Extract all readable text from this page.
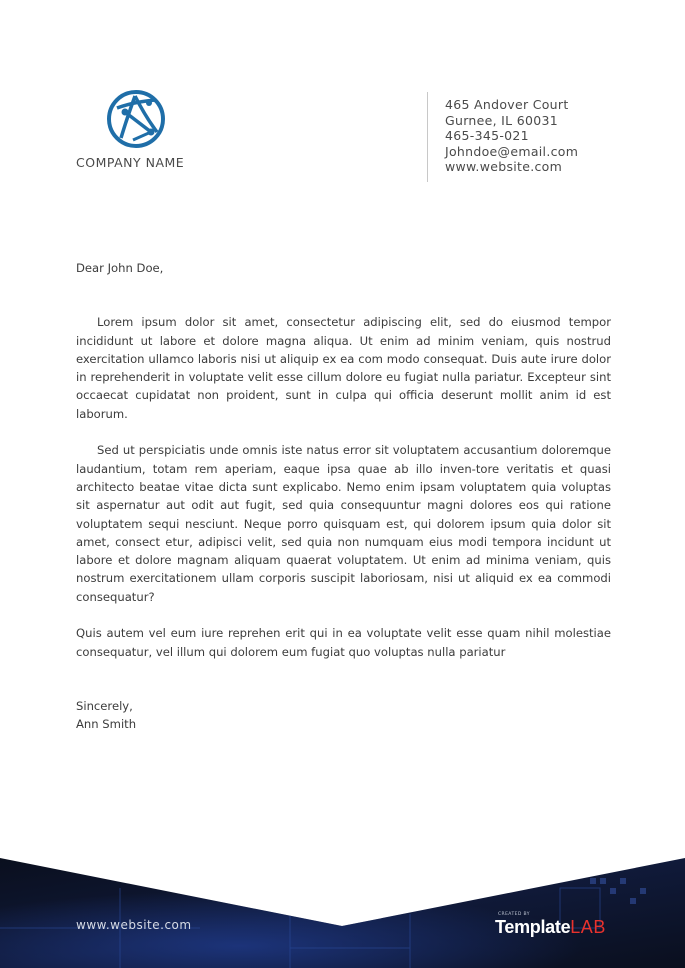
COMPANY NAME
465 Andover Court
Gurnee, IL 60031
465-345-021
Johndoe@email.com
www.website.com
Dear John Doe,

Lorem ipsum dolor sit amet, consectetur adipiscing elit, sed do eiusmod tempor incididunt ut labore et dolore magna aliqua. Ut enim ad minim veniam, quis nostrud exercitation ullamco laboris nisi ut aliquip ex ea com modo consequat. Duis aute irure dolor in reprehenderit in voluptate velit esse cillum dolore eu fugiat nulla pariatur. Excepteur sint occaecat cupidatat non proident, sunt in culpa qui officia deserunt mollit anim id est laborum.

Sed ut perspiciatis unde omnis iste natus error sit voluptatem accusantium doloremque laudantium, totam rem aperiam, eaque ipsa quae ab illo inven-tore veritatis et quasi architecto beatae vitae dicta sunt explicabo. Nemo enim ipsam voluptatem quia voluptas sit aspernatur aut odit aut fugit, sed quia consequuntur magni dolores eos qui ratione voluptatem sequi nesciunt. Neque porro quisquam est, qui dolorem ipsum quia dolor sit amet, consect etur, adipisci velit, sed quia non numquam eius modi tempora incidunt ut labore et dolore magnam aliquam quaerat voluptatem. Ut enim ad minima veniam, quis nostrum exercitationem ullam corporis suscipit laboriosam, nisi ut aliquid ex ea commodi consequatur?

Quis autem vel eum iure reprehen erit qui in ea voluptate velit esse quam nihil molestiae consequatur, vel illum qui dolorem eum fugiat quo voluptas nulla pariatur

Sincerely,
Ann Smith
www.website.com
CREATED BY
TemplateLAB
